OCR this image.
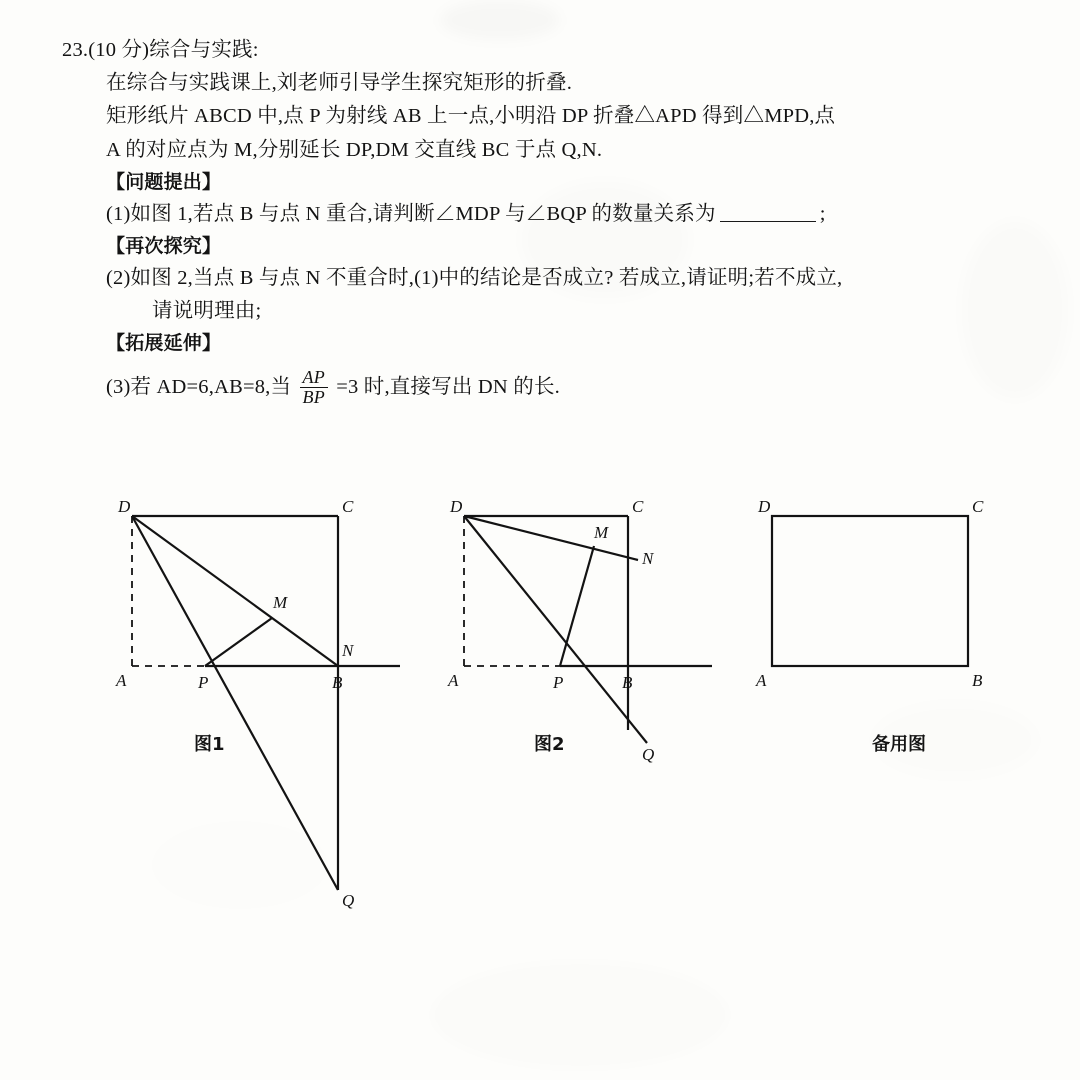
23.(10 分)综合与实践:
在综合与实践课上,刘老师引导学生探究矩形的折叠.
矩形纸片 ABCD 中,点 P 为射线 AB 上一点,小明沿 DP 折叠△APD 得到△MPD,点
A 的对应点为 M,分别延长 DP,DM 交直线 BC 于点 Q,N.
【问题提出】
(1)如图 1,若点 B 与点 N 重合,请判断∠MDP 与∠BQP 的数量关系为	;
【再次探究】
(2)如图 2,当点 B 与点 N 不重合时,(1)中的结论是否成立? 若成立,请证明;若不成立,
请说明理由;
【拓展延伸】
(3)若 AD=6,AB=8,当 $\frac{AP}{BP} =3$ 时,直接写出 DN 的长.
D	C
M
N
A	P	B
Q
图1
D	C
M
N
A	P	B
Q
图2
D	C
A	B
备用图
